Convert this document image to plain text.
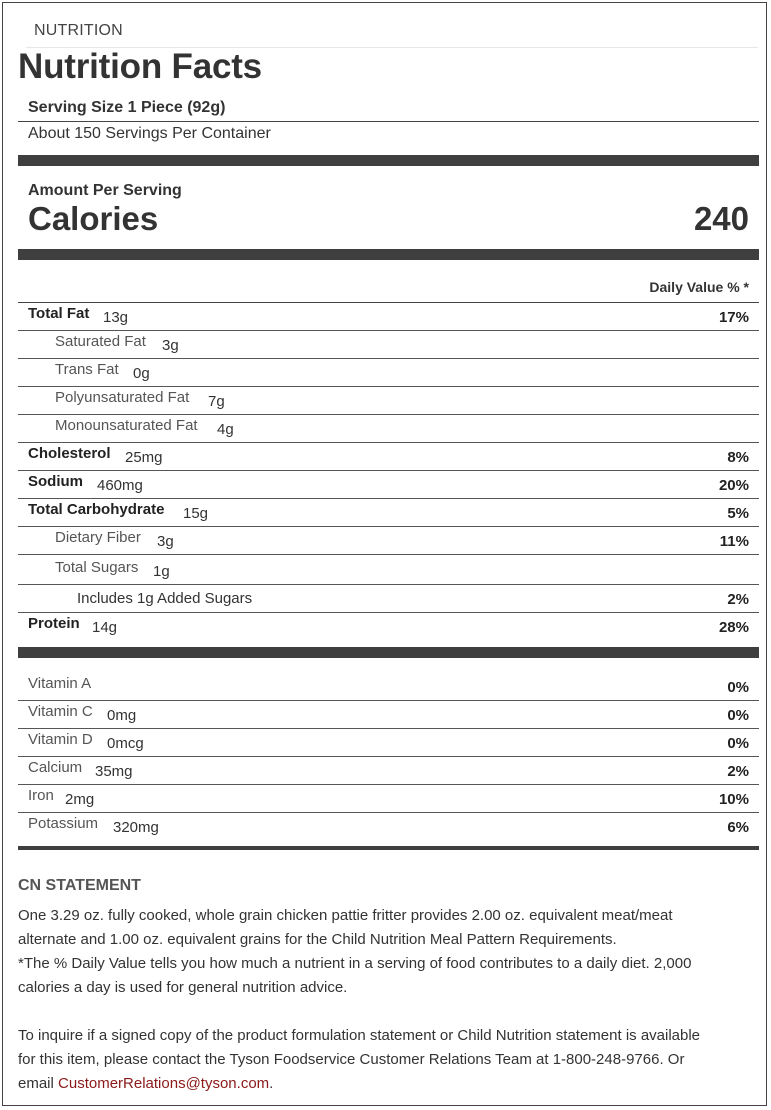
NUTRITION
Nutrition Facts
Serving Size 1 Piece (92g)
About 150 Servings Per Container
Amount Per Serving
Calories	240
Daily Value % *
Total Fat 13g	17%
Saturated Fat 3g
Trans Fat 0g
Polyunsaturated Fat 7g
Monounsaturated Fat 4g
Cholesterol 25mg	8%
Sodium 460mg	20%
Total Carbohydrate 15g	5%
Dietary Fiber 3g	11%
Total Sugars 1g
Includes 1g Added Sugars	2%
Protein 14g	28%
Vitamin A	0%
Vitamin C 0mg	0%
Vitamin D 0mcg	0%
Calcium 35mg	2%
Iron 2mg	10%
Potassium 320mg	6%
CN STATEMENT
One 3.29 oz. fully cooked, whole grain chicken pattie fritter provides 2.00 oz. equivalent meat/meat
alternate and 1.00 oz. equivalent grains for the Child Nutrition Meal Pattern Requirements.
*The % Daily Value tells you how much a nutrient in a serving of food contributes to a daily diet. 2,000
calories a day is used for general nutrition advice.
To inquire if a signed copy of the product formulation statement or Child Nutrition statement is available
for this item, please contact the Tyson Foodservice Customer Relations Team at 1-800-248-9766. Or
email CustomerRelations@tyson.com.
